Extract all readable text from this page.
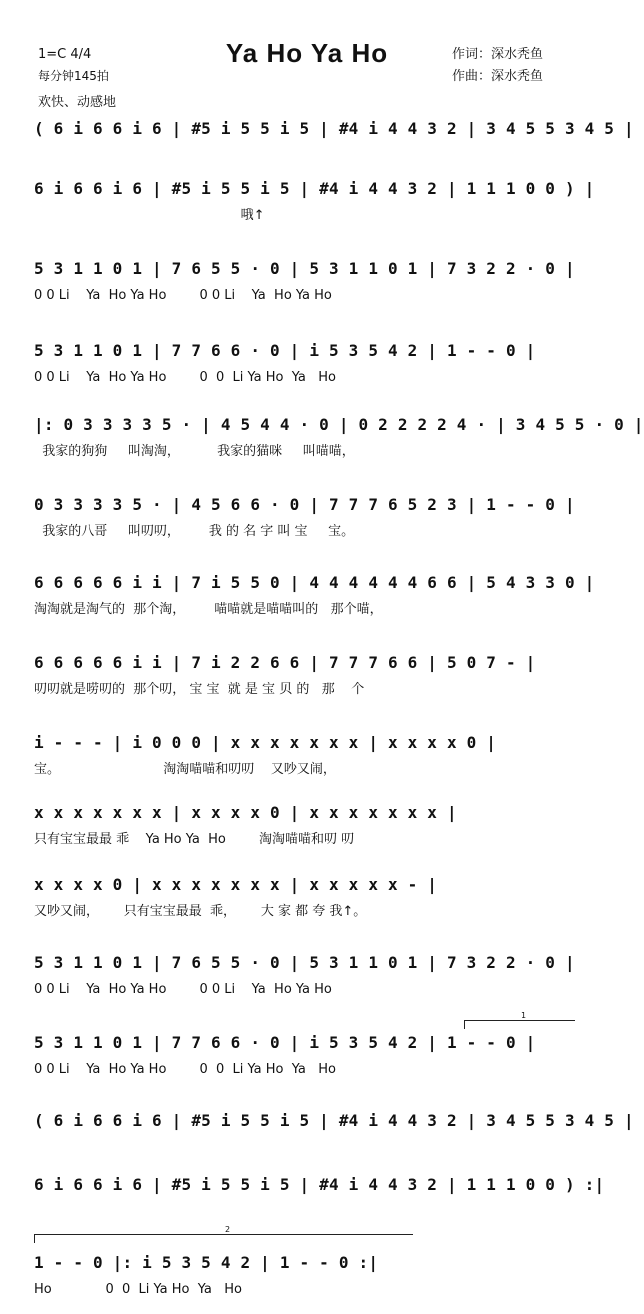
Ya Ho Ya Ho
1=C 4/4
每分钟145拍
欢快、动感地
作词：深水秃鱼
作曲：深水秃鱼
( 6 i 6 6 i 6 | #5 i 5 5 i 5 | #4 i 4 4 3 2 | 3 4 5 5 3 4 5 |
6 i 6 6 i 6 | #5 i 5 5 i 5 | #4 i 4 4 3 2 | 1 1 1 0 0 ) |
哦↑
5 3 1 1 0 1 | 7 6 5 5 · 0 | 5 3 1 1 0 1 | 7 3 2 2 · 0 |
0 0 Li    Ya  Ho Ya Ho        0 0 Li    Ya  Ho Ya Ho
5 3 1 1 0 1 | 7 7 6 6 · 0 | i 5 3 5 4 2 | 1 - - 0 |
0 0 Li    Ya  Ho Ya Ho        0  0  Li Ya Ho  Ya   Ho
|: 0 3 3 3 3 5 · | 4 5 4 4 · 0 | 0 2 2 2 2 4 · | 3 4 5 5 · 0 |
我家的狗狗     叫淘淘，         我家的猫咪     叫喵喵，
0 3 3 3 3 5 · | 4 5 6 6 · 0 | 7 7 7 6 5 2 3 | 1 - - 0 |
我家的八哥     叫叨叨，       我 的 名 字 叫 宝     宝。
6 6 6 6 6 i i | 7 i 5 5 0 | 4 4 4 4 4 4 6 6 | 5 4 3 3 0 |
淘淘就是淘气的  那个淘，       喵喵就是喵喵叫的   那个喵，
6 6 6 6 6 i i | 7 i 2 2 6 6 | 7 7 7 6 6 | 5 0 7 - |
叨叨就是唠叨的  那个叨， 宝 宝  就 是 宝 贝 的   那    个
i - - - | i 0 0 0 | x x x x x x x | x x x x 0 |
宝。                         淘淘喵喵和叨叨    又吵又闹，
x x x x x x x | x x x x 0 | x x x x x x x |
只有宝宝最最 乖    Ya Ho Ya  Ho        淘淘喵喵和叨 叨
x x x x 0 | x x x x x x x | x x x x x - |
又吵又闹，      只有宝宝最最  乖，      大 家 都 夸 我↑。
5 3 1 1 0 1 | 7 6 5 5 · 0 | 5 3 1 1 0 1 | 7 3 2 2 · 0 |
0 0 Li    Ya  Ho Ya Ho        0 0 Li    Ya  Ho Ya Ho
5 3 1 1 0 1 | 7 7 6 6 · 0 | i 5 3 5 4 2 | 1 - - 0 |
0 0 Li    Ya  Ho Ya Ho        0  0  Li Ya Ho  Ya   Ho
( 6 i 6 6 i 6 | #5 i 5 5 i 5 | #4 i 4 4 3 2 | 3 4 5 5 3 4 5 |
6 i 6 6 i 6 | #5 i 5 5 i 5 | #4 i 4 4 3 2 | 1 1 1 0 0 ) :|
1 - - 0 |: i 5 3 5 4 2 | 1 - - 0 :|
Ho             0  0  Li Ya Ho  Ya   Ho
1
2
